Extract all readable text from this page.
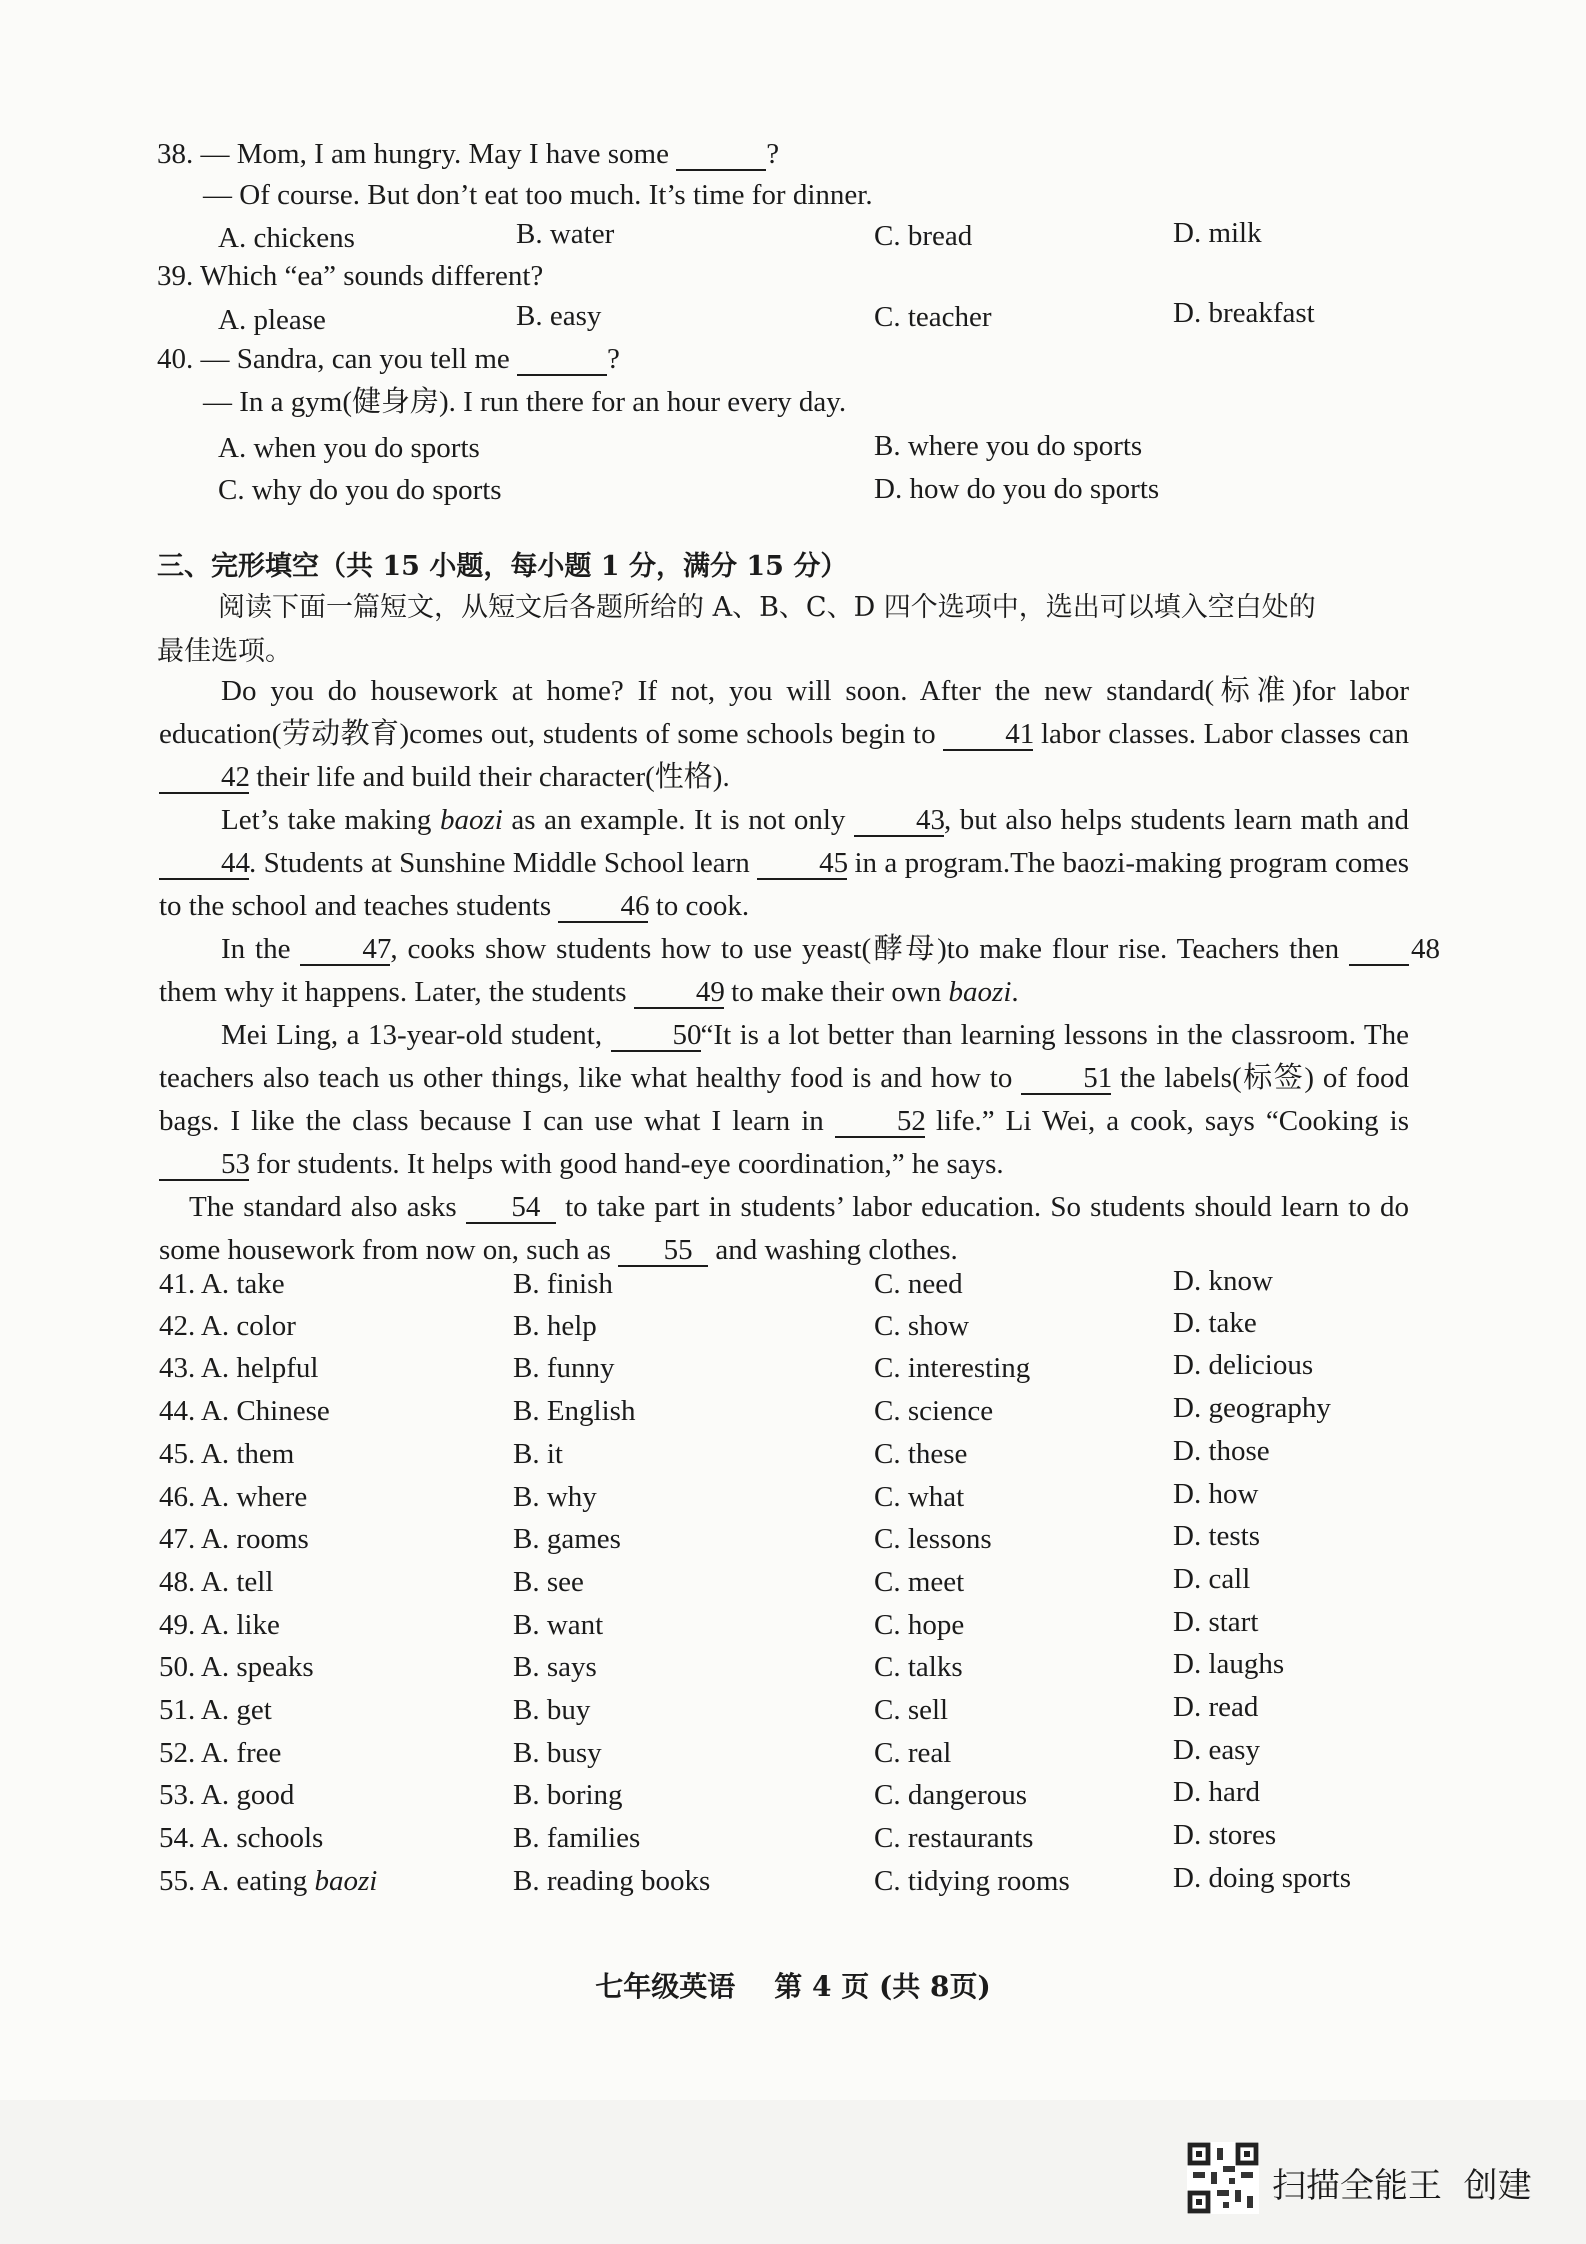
38. — Mom, I am hungry. May I have some	?
— Of course. But don’t eat too much. It’s time for dinner.
A. chickens	B. water	C. bread	D. milk
39. Which “ea” sounds different?
A. please	B. easy	C. teacher	D. breakfast
40. — Sandra, can you tell me	?
— In a gym(健身房). I run there for an hour every day.
A. when you do sports	B. where you do sports
C. why do you do sports	D. how do you do sports
三、完形填空（共 15 小题，每小题 1 分，满分 15 分）
阅读下面一篇短文，从短文后各题所给的 A、B、C、D 四个选项中，选出可以填入空白处的
最佳选项。
Do you do housework at home? If not, you will soon. After the new standard(标准)for labor education(劳动教育)comes out, students of some schools begin to 41 labor classes. Labor classes can 42 their life and build their character(性格).
Let’s take making baozi as an example. It is not only 43, but also helps students learn math and 44. Students at Sunshine Middle School learn 45 in a program.The baozi-making program comes to the school and teaches students 46 to cook.
In the 47, cooks show students how to use yeast(酵母)to make flour rise. Teachers then 48 them why it happens. Later, the students 49 to make their own baozi.
Mei Ling, a 13-year-old student, 50“It is a lot better than learning lessons in the classroom. The teachers also teach us other things, like what healthy food is and how to 51 the labels(标签) of food bags. I like the class because I can use what I learn in 52 life.” Li Wei, a cook, says “Cooking is 53 for students. It helps with good hand-eye coordination,” he says.
The standard also asks 54 to take part in students’ labor education. So students should learn to do some housework from now on, such as 55 and washing clothes.
41. A. take	B. finish	C. need	D. know
42. A. color	B. help	C. show	D. take
43. A. helpful	B. funny	C. interesting	D. delicious
44. A. Chinese	B. English	C. science	D. geography
45. A. them	B. it	C. these	D. those
46. A. where	B. why	C. what	D. how
47. A. rooms	B. games	C. lessons	D. tests
48. A. tell	B. see	C. meet	D. call
49. A. like	B. want	C. hope	D. start
50. A. speaks	B. says	C. talks	D. laughs
51. A. get	B. buy	C. sell	D. read
52. A. free	B. busy	C. real	D. easy
53. A. good	B. boring	C. dangerous	D. hard
54. A. schools	B. families	C. restaurants	D. stores
55. A. eating baozi	B. reading books	C. tidying rooms	D. doing sports
七年级英语    第 4 页 (共 8页)
扫描全能王  创建
